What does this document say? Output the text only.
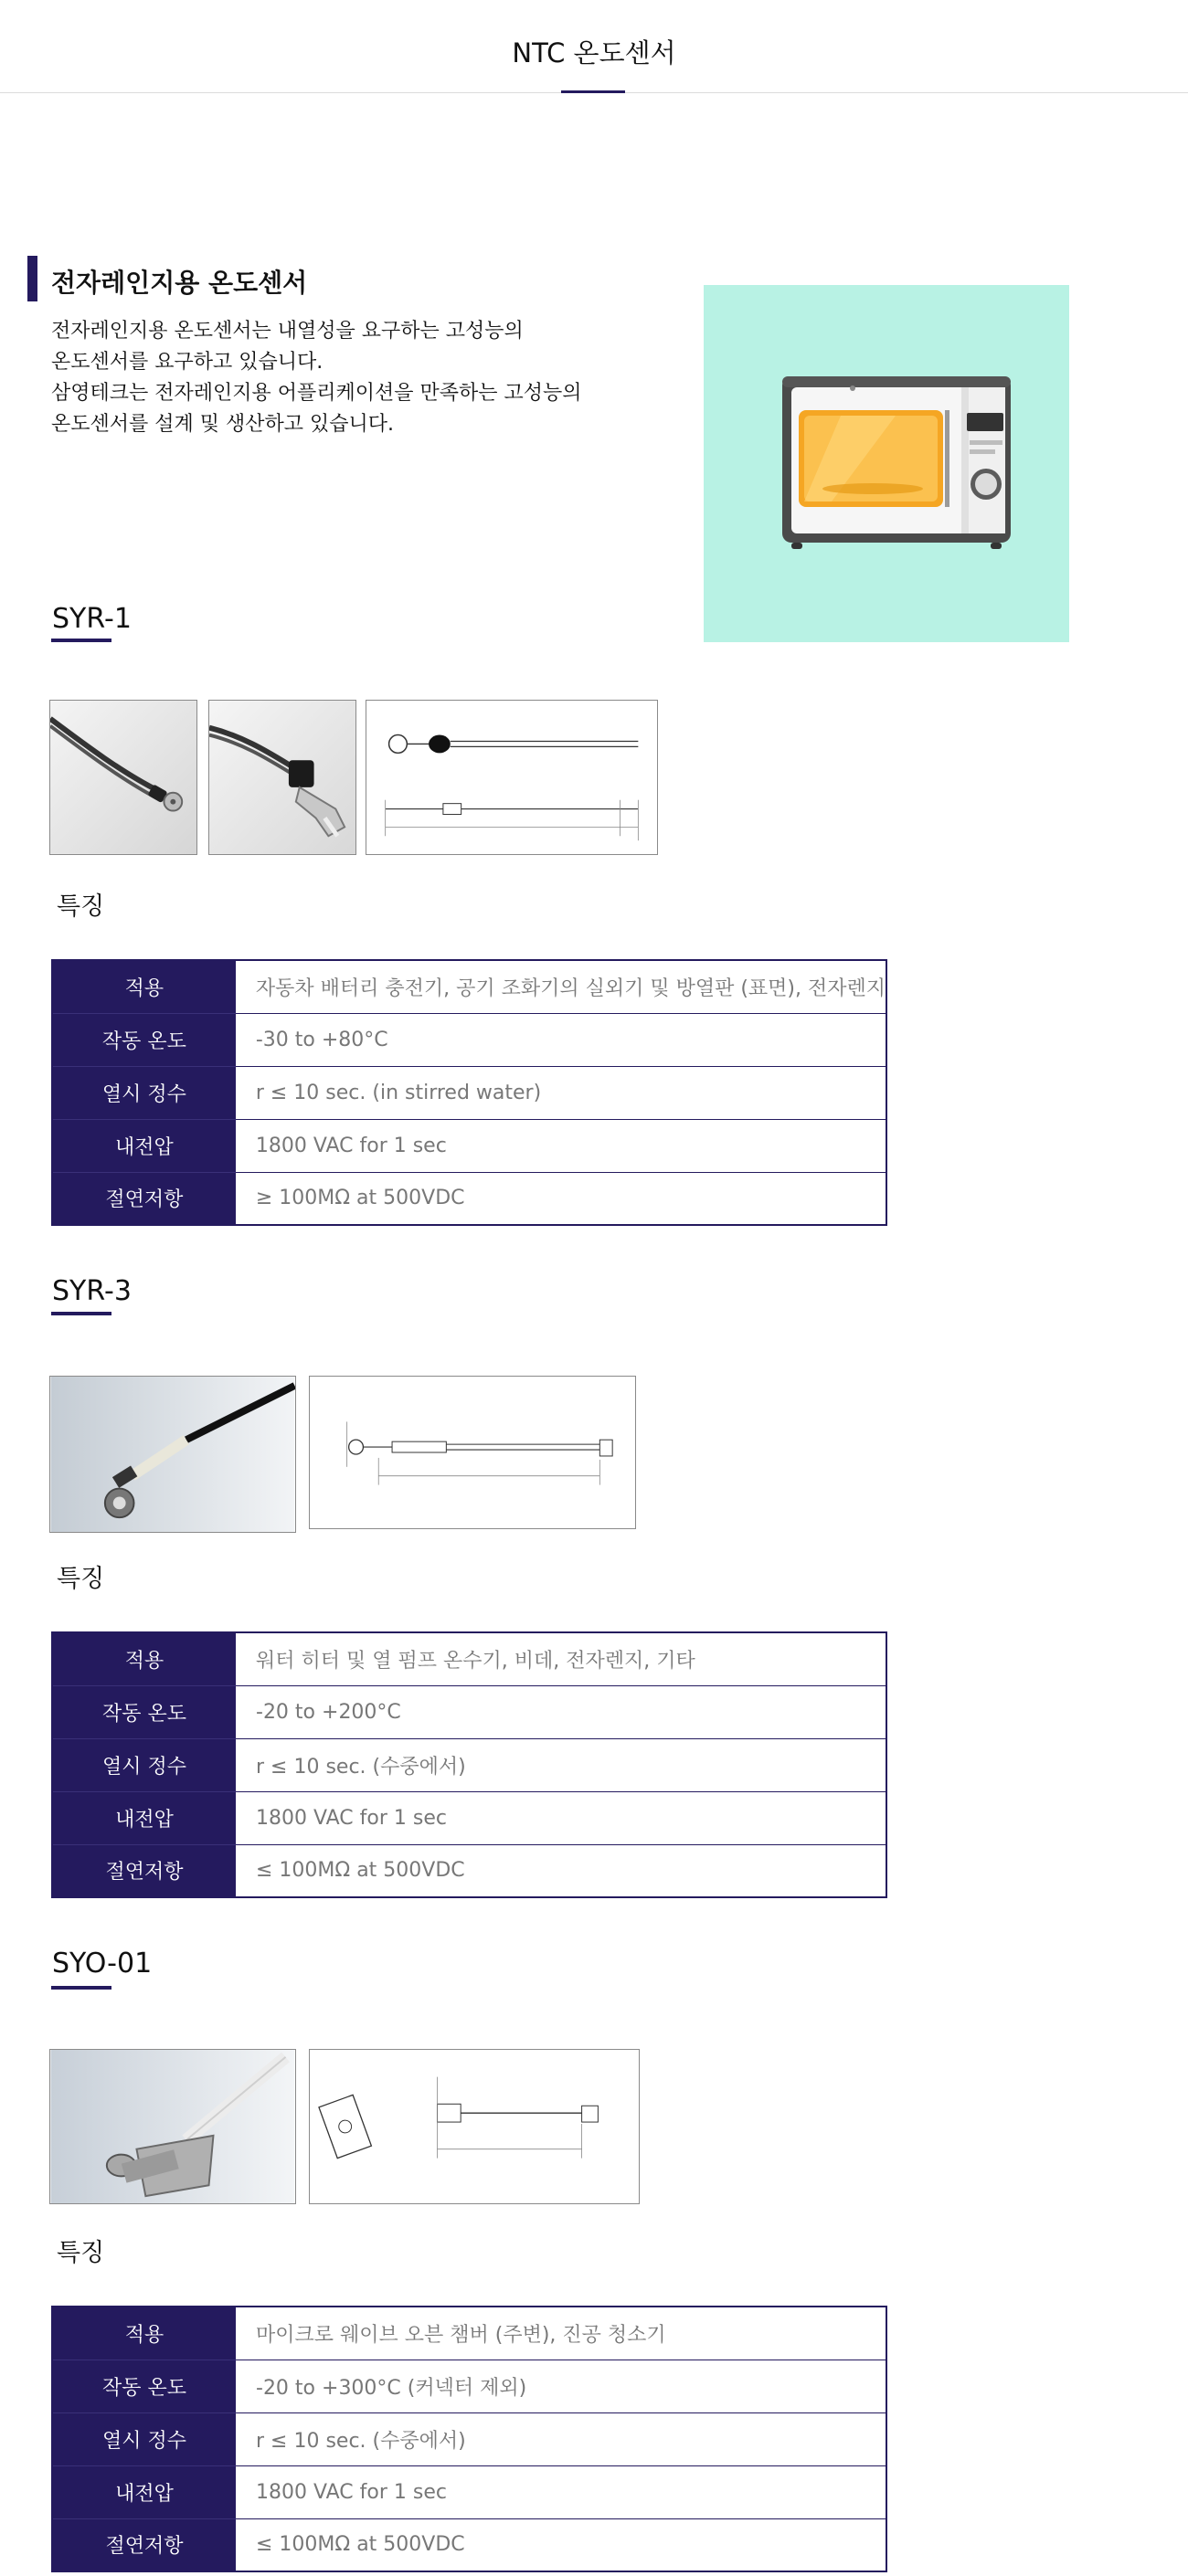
NTC 온도센서
전자레인지용 온도센서
전자레인지용 온도센서는 내열성을 요구하는 고성능의
온도센서를 요구하고 있습니다.
삼영테크는 전자레인지용 어플리케이션을 만족하는 고성능의
온도센서를 설계 및 생산하고 있습니다.
SYR-1
특징
적용	자동차 배터리 충전기, 공기 조화기의 실외기 및 방열판 (표면), 전자렌지
작동 온도	-30 to +80°C
열시 정수	r ≤ 10 sec. (in stirred water)
내전압	1800 VAC for 1 sec
절연저항	≥ 100MΩ at 500VDC
SYR-3
특징
적용	워터 히터 및 열 펌프 온수기, 비데, 전자렌지, 기타
작동 온도	-20 to +200°C
열시 정수	r ≤ 10 sec. (수중에서)
내전압	1800 VAC for 1 sec
절연저항	≤ 100MΩ at 500VDC
SYO-01
특징
적용	마이크로 웨이브 오븐 챔버 (주변), 진공 청소기
작동 온도	-20 to +300°C (커넥터 제외)
열시 정수	r ≤ 10 sec. (수중에서)
내전압	1800 VAC for 1 sec
절연저항	≤ 100MΩ at 500VDC
